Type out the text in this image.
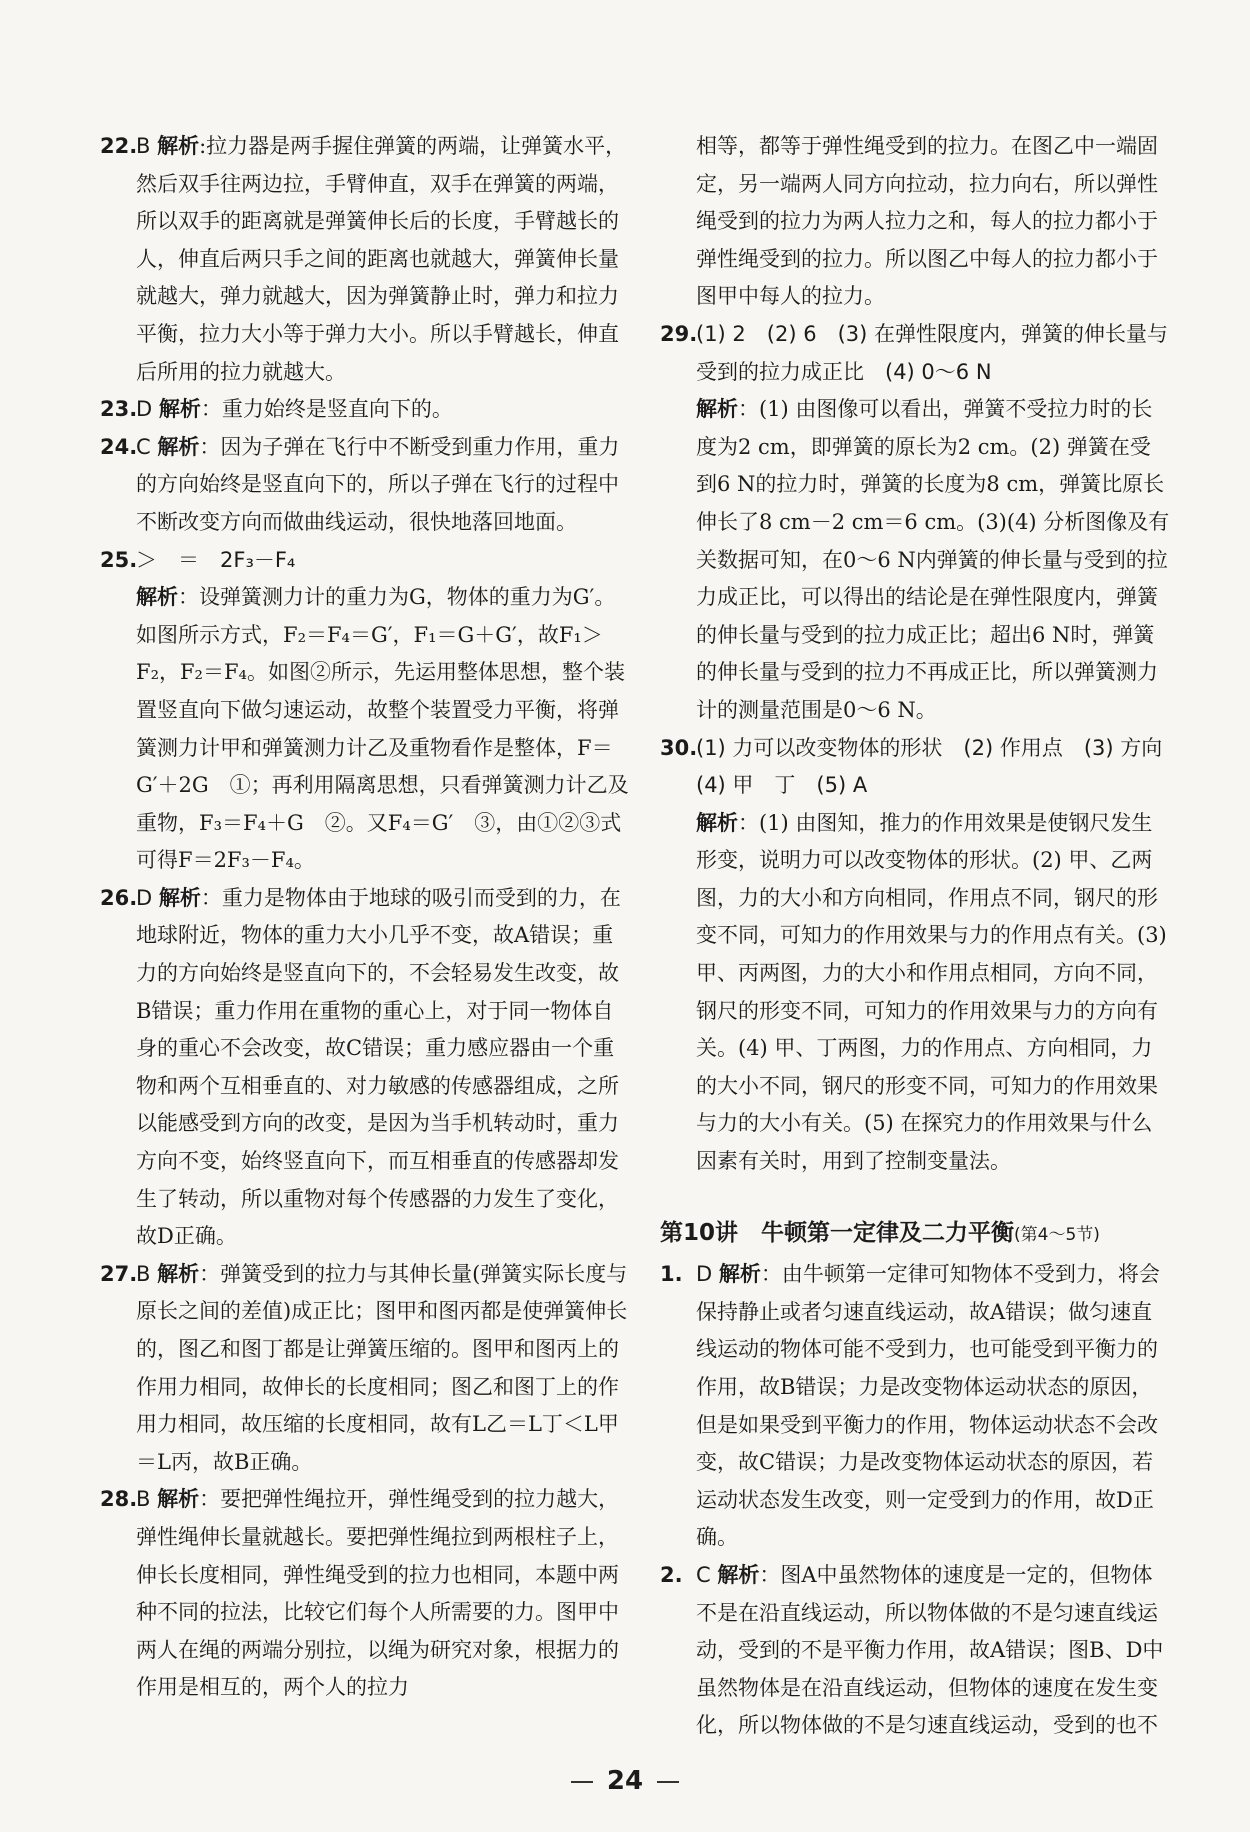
22.
B 解析:拉力器是两手握住弹簧的两端，让弹簧水平，然后双手往两边拉，手臂伸直，双手在弹簧的两端，所以双手的距离就是弹簧伸长后的长度，手臂越长的人，伸直后两只手之间的距离也就越大，弹簧伸长量就越大，弹力就越大，因为弹簧静止时，弹力和拉力平衡，拉力大小等于弹力大小。所以手臂越长，伸直后所用的拉力就越大。
23.
D 解析：重力始终是竖直向下的。
24.
C 解析：因为子弹在飞行中不断受到重力作用，重力的方向始终是竖直向下的，所以子弹在飞行的过程中不断改变方向而做曲线运动，很快地落回地面。
25.
＞　＝　2F₃－F₄
解析：设弹簧测力计的重力为G，物体的重力为G′。如图所示方式，F₂＝F₄＝G′，F₁＝G＋G′，故F₁＞F₂，F₂＝F₄。如图②所示，先运用整体思想，整个装置竖直向下做匀速运动，故整个装置受力平衡，将弹簧测力计甲和弹簧测力计乙及重物看作是整体，F＝G′＋2G　①；再利用隔离思想，只看弹簧测力计乙及重物，F₃＝F₄＋G　②。又F₄＝G′　③，由①②③式可得F＝2F₃－F₄。
26.
D 解析：重力是物体由于地球的吸引而受到的力，在地球附近，物体的重力大小几乎不变，故A错误；重力的方向始终是竖直向下的，不会轻易发生改变，故B错误；重力作用在重物的重心上，对于同一物体自身的重心不会改变，故C错误；重力感应器由一个重物和两个互相垂直的、对力敏感的传感器组成，之所以能感受到方向的改变，是因为当手机转动时，重力方向不变，始终竖直向下，而互相垂直的传感器却发生了转动，所以重物对每个传感器的力发生了变化，故D正确。
27.
B 解析：弹簧受到的拉力与其伸长量(弹簧实际长度与原长之间的差值)成正比；图甲和图丙都是使弹簧伸长的，图乙和图丁都是让弹簧压缩的。图甲和图丙上的作用力相同，故伸长的长度相同；图乙和图丁上的作用力相同，故压缩的长度相同，故有L乙＝L丁＜L甲＝L丙，故B正确。
28.
B 解析：要把弹性绳拉开，弹性绳受到的拉力越大，弹性绳伸长量就越长。要把弹性绳拉到两根柱子上，伸长长度相同，弹性绳受到的拉力也相同，本题中两种不同的拉法，比较它们每个人所需要的力。图甲中两人在绳的两端分别拉，以绳为研究对象，根据力的作用是相互的，两个人的拉力
相等，都等于弹性绳受到的拉力。在图乙中一端固定，另一端两人同方向拉动，拉力向右，所以弹性绳受到的拉力为两人拉力之和，每人的拉力都小于弹性绳受到的拉力。所以图乙中每人的拉力都小于图甲中每人的拉力。
29.
(1) 2　(2) 6　(3) 在弹性限度内，弹簧的伸长量与受到的拉力成正比　(4) 0～6 N
解析：(1) 由图像可以看出，弹簧不受拉力时的长度为2 cm，即弹簧的原长为2 cm。(2) 弹簧在受到6 N的拉力时，弹簧的长度为8 cm，弹簧比原长伸长了8 cm－2 cm＝6 cm。(3)(4) 分析图像及有关数据可知，在0～6 N内弹簧的伸长量与受到的拉力成正比，可以得出的结论是在弹性限度内，弹簧的伸长量与受到的拉力成正比；超出6 N时，弹簧的伸长量与受到的拉力不再成正比，所以弹簧测力计的测量范围是0～6 N。
30.
(1) 力可以改变物体的形状　(2) 作用点　(3) 方向　(4) 甲　丁　(5) A
解析：(1) 由图知，推力的作用效果是使钢尺发生形变，说明力可以改变物体的形状。(2) 甲、乙两图，力的大小和方向相同，作用点不同，钢尺的形变不同，可知力的作用效果与力的作用点有关。(3) 甲、丙两图，力的大小和作用点相同，方向不同，钢尺的形变不同，可知力的作用效果与力的方向有关。(4) 甲、丁两图，力的作用点、方向相同，力的大小不同，钢尺的形变不同，可知力的作用效果与力的大小有关。(5) 在探究力的作用效果与什么因素有关时，用到了控制变量法。
第10讲　牛顿第一定律及二力平衡(第4～5节)
1. D 解析：由牛顿第一定律可知物体不受到力，将会保持静止或者匀速直线运动，故A错误；做匀速直线运动的物体可能不受到力，也可能受到平衡力的作用，故B错误；力是改变物体运动状态的原因，但是如果受到平衡力的作用，物体运动状态不会改变，故C错误；力是改变物体运动状态的原因，若运动状态发生改变，则一定受到力的作用，故D正确。
2. C 解析：图A中虽然物体的速度是一定的，但物体不是在沿直线运动，所以物体做的不是匀速直线运动，受到的不是平衡力作用，故A错误；图B、D中虽然物体是在沿直线运动，但物体的速度在发生变化，所以物体做的不是匀速直线运动，受到的也不
24
